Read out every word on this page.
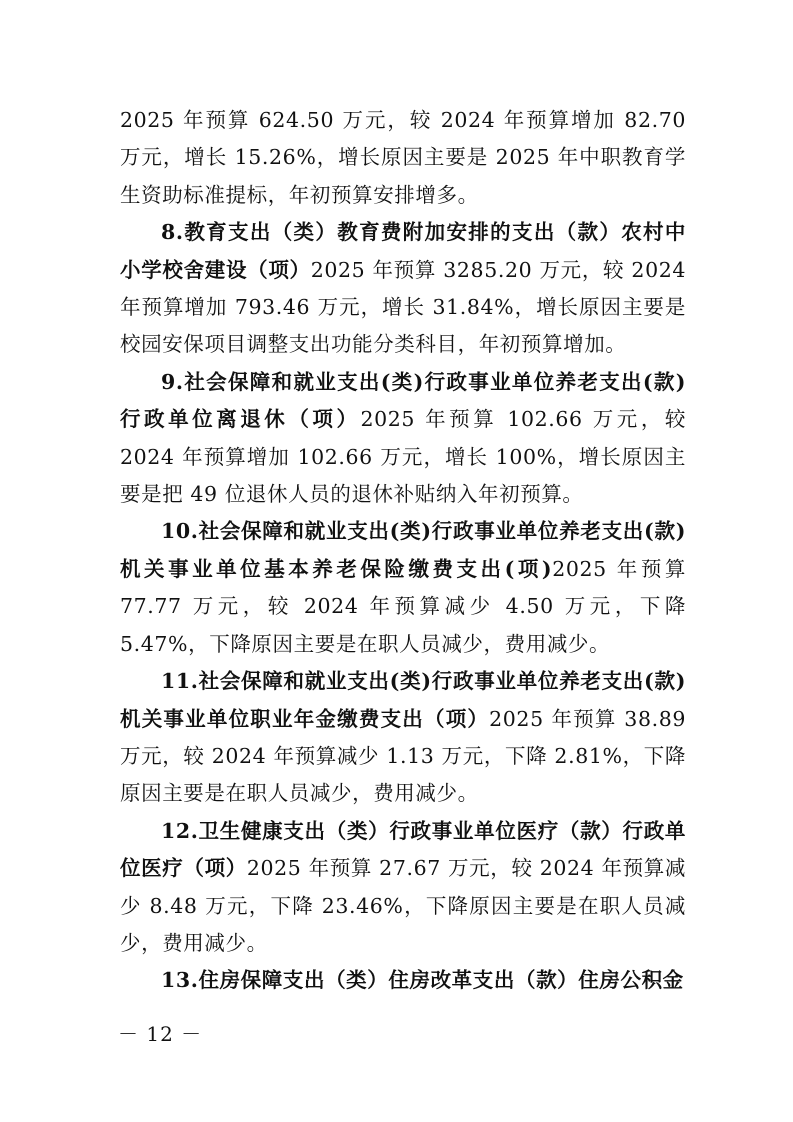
2025 年预算 624.50 万元，较 2024 年预算增加 82.70 万元，增长 15.26%，增长原因主要是 2025 年中职教育学生资助标准提标，年初预算安排增多。

8.教育支出（类）教育费附加安排的支出（款）农村中小学校舍建设（项）2025 年预算 3285.20 万元，较 2024 年预算增加 793.46 万元，增长 31.84%，增长原因主要是校园安保项目调整支出功能分类科目，年初预算增加。

9.社会保障和就业支出(类)行政事业单位养老支出(款)行政单位离退休（项）2025 年预算 102.66 万元，较 2024 年预算增加 102.66 万元，增长 100%，增长原因主要是把 49 位退休人员的退休补贴纳入年初预算。

10.社会保障和就业支出(类)行政事业单位养老支出(款)机关事业单位基本养老保险缴费支出(项)2025 年预算 77.77 万元，较 2024 年预算减少 4.50 万元，下降 5.47%，下降原因主要是在职人员减少，费用减少。

11.社会保障和就业支出(类)行政事业单位养老支出(款)机关事业单位职业年金缴费支出（项）2025 年预算 38.89 万元，较 2024 年预算减少 1.13 万元，下降 2.81%，下降原因主要是在职人员减少，费用减少。

12.卫生健康支出（类）行政事业单位医疗（款）行政单位医疗（项）2025 年预算 27.67 万元，较 2024 年预算减少 8.48 万元，下降 23.46%，下降原因主要是在职人员减少，费用减少。

13.住房保障支出（类）住房改革支出（款）住房公积金

－ 12 －
